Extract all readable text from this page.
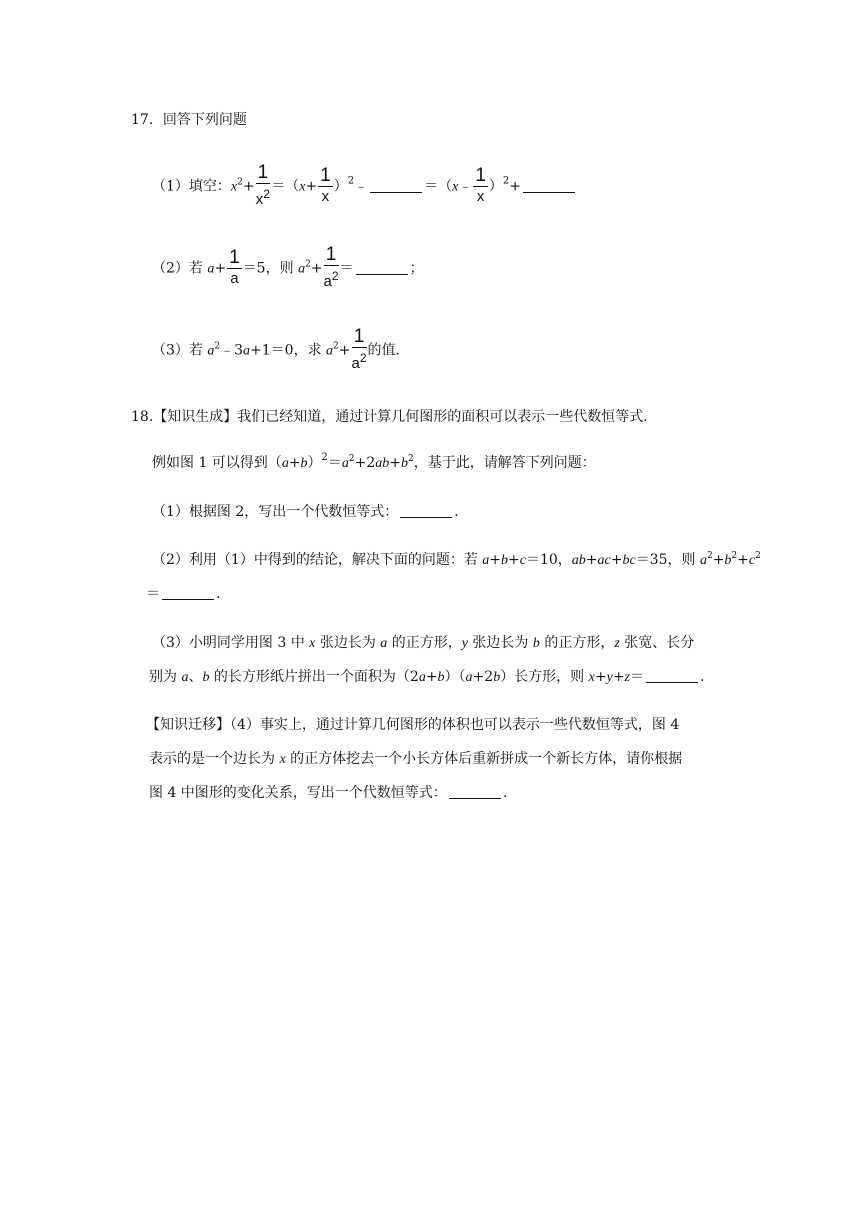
17．回答下列问题
（1）填空：$x^2+ \frac{1}{x^2} =(x+ \frac{1}{x}$ ）$^2﹣$	＝（x﹣ $\frac{1}{x} )^2+$
（2）若 $a+ \frac{1}{a} =5$，则 $a^2+ \frac{1}{a^2}$ ＝	；
（3）若 $a^2﹣3a+1=0$，求 $a^2+ \frac{1}{a^2}$ 的值.
18.【知识生成】我们已经知道，通过计算几何图形的面积可以表示一些代数恒等式.
例如图 1 可以得到$(a+b)^2=a^2+2ab+b^2$，基于此，请解答下列问题：
（1）根据图 2，写出一个代数恒等式：	.
（2）利用（1）中得到的结论，解决下面的问题：若 a+b+c＝10，ab+ac+bc＝35，则 $a^2+b^2+c^2$
＝	.
（3）小明同学用图 3 中 x 张边长为 a 的正方形，y 张边长为 b 的正方形，z 张宽、长分
别为 a、b 的长方形纸片拼出一个面积为（2a+b）（a+2b）长方形，则 x+y+z＝	.
【知识迁移】（4）事实上，通过计算几何图形的体积也可以表示一些代数恒等式，图 4
表示的是一个边长为 x 的正方体挖去一个小长方体后重新拼成一个新长方体，请你根据
图 4 中图形的变化关系，写出一个代数恒等式：	.
